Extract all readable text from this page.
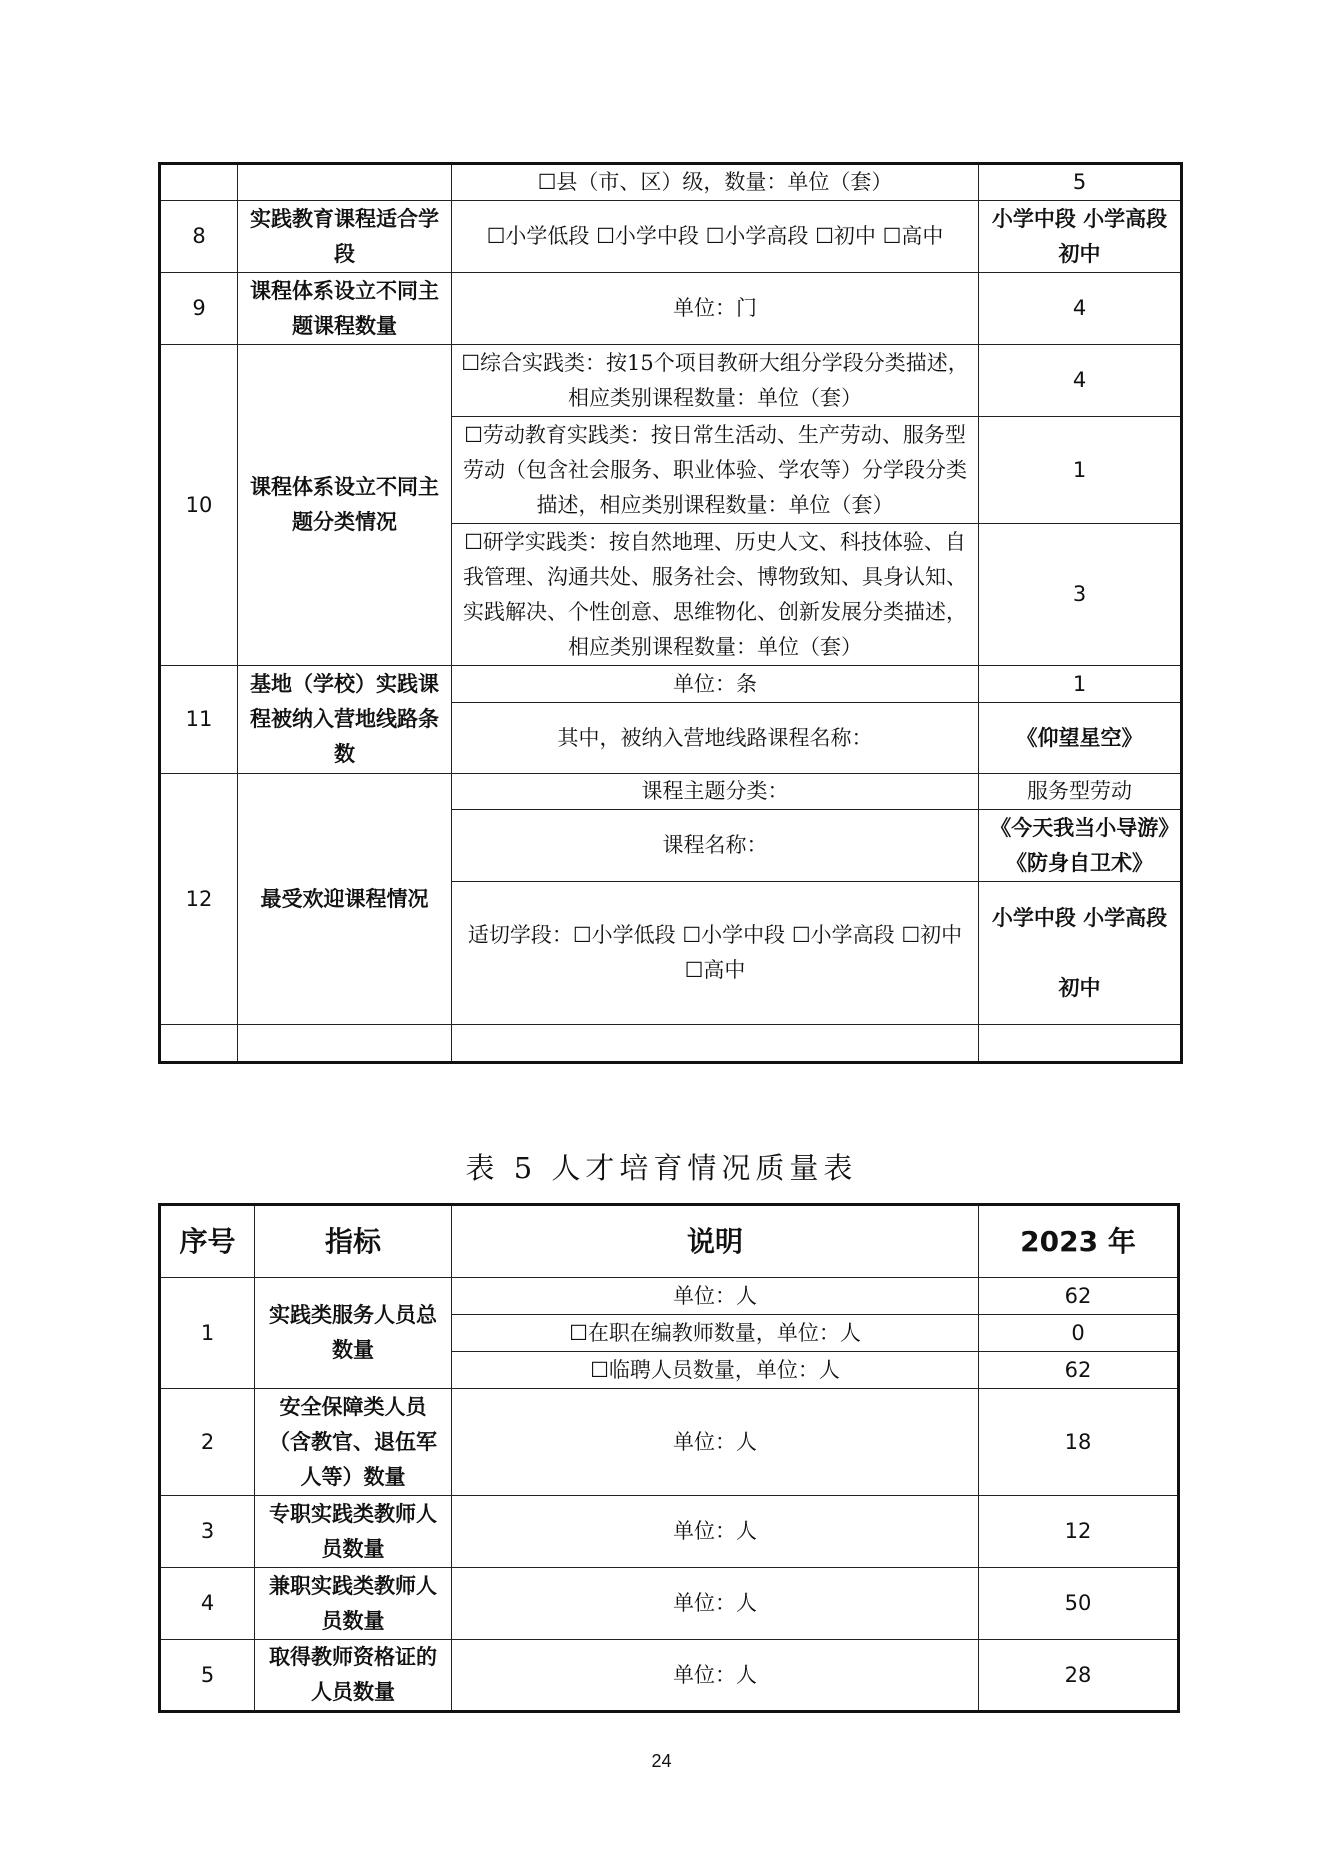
		☐县（市、区）级，数量：单位（套）	5
8	实践教育课程适合学段	☐小学低段 ☐小学中段 ☐小学高段 ☐初中 ☐高中	小学中段 小学高段 初中
9	课程体系设立不同主题课程数量	单位：门	4
10	课程体系设立不同主题分类情况	☐综合实践类：按15个项目教研大组分学段分类描述，相应类别课程数量：单位（套）	4
		☐劳动教育实践类：按日常生活动、生产劳动、服务型劳动（包含社会服务、职业体验、学农等）分学段分类描述，相应类别课程数量：单位（套）	1
		☐研学实践类：按自然地理、历史人文、科技体验、自我管理、沟通共处、服务社会、博物致知、具身认知、实践解决、个性创意、思维物化、创新发展分类描述，相应类别课程数量：单位（套）	3
11	基地（学校）实践课程被纳入营地线路条数	单位：条	1
		其中，被纳入营地线路课程名称：	《仰望星空》
12	最受欢迎课程情况	课程主题分类：	服务型劳动
		课程名称：	《今天我当小导游》《防身自卫术》
		适切学段：☐小学低段 ☐小学中段 ☐小学高段 ☐初中 ☐高中	小学中段 小学高段 初中

表 5 人才培育情况质量表
序号	指标	说明	2023 年
1	实践类服务人员总数量	单位：人	62
		☐在职在编教师数量，单位：人	0
		☐临聘人员数量，单位：人	62
2	安全保障类人员（含教官、退伍军人等）数量	单位：人	18
3	专职实践类教师人员数量	单位：人	12
4	兼职实践类教师人员数量	单位：人	50
5	取得教师资格证的人员数量	单位：人	28
24
